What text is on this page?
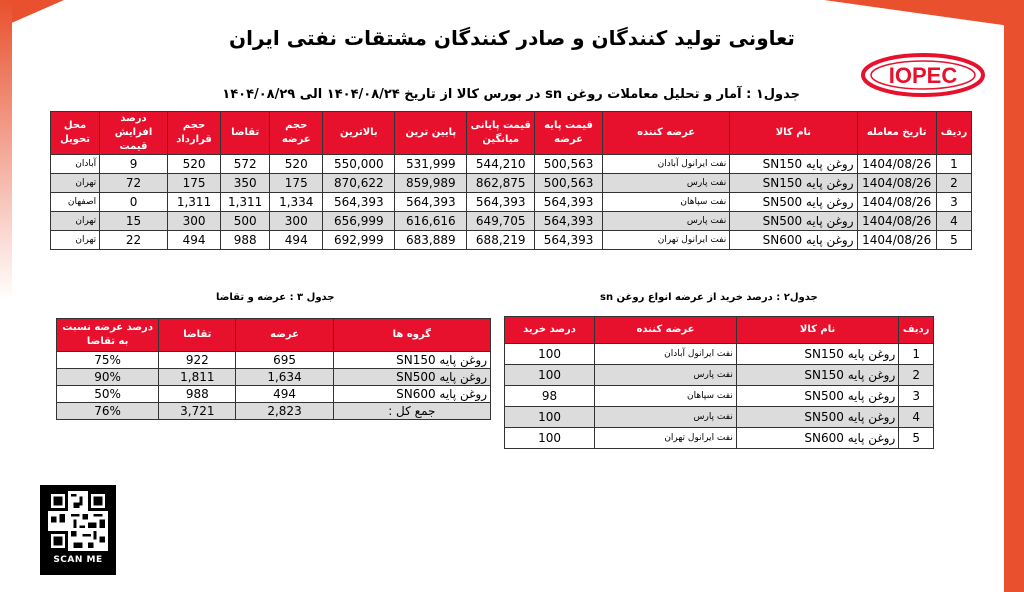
تعاونی تولید کنندگان و صادر کنندگان مشتقات نفتی ایران
IOPEC
جدول۱ : آمار و تحلیل معاملات روغن sn در بورس کالا از تاریخ ۱۴۰۴/۰۸/۲۴ الی ۱۴۰۴/۰۸/۲۹
ردیف	تاریخ معامله	نام کالا	عرضه کننده	قیمت پایه عرضه	قیمت پایانی میانگین	پایین ترین	بالاترین	حجم عرضه	تقاضا	حجم قرارداد	درصد افزایش قیمت	محل تحویل
1	1404/08/26	روغن پایه SN150	نفت ایرانول آبادان	500,563	544,210	531,999	550,000	520	572	520	9	آبادان
2	1404/08/26	روغن پایه SN150	نفت پارس	500,563	862,875	859,989	870,622	175	350	175	72	تهران
3	1404/08/26	روغن پایه SN500	نفت سپاهان	564,393	564,393	564,393	564,393	1,334	1,311	1,311	0	اصفهان
4	1404/08/26	روغن پایه SN500	نفت پارس	564,393	649,705	616,616	656,999	300	500	300	15	تهران
5	1404/08/26	روغن پایه SN600	نفت ایرانول تهران	564,393	688,219	683,889	692,999	494	988	494	22	تهران
جدول۲ : درصد خرید از عرضه انواع روغن sn
جدول ۳ : عرضه و تقاضا
ردیف	نام کالا	عرضه کننده	درصد خرید
1	روغن پایه SN150	نفت ایرانول آبادان	100
2	روغن پایه SN150	نفت پارس	100
3	روغن پایه SN500	نفت سپاهان	98
4	روغن پایه SN500	نفت پارس	100
5	روغن پایه SN600	نفت ایرانول تهران	100
گروه ها	عرضه	تقاضا	درصد عرضه نسبت به تقاضا
روغن پایه SN150	695	922	75%
روغن پایه SN500	1,634	1,811	90%
روغن پایه SN600	494	988	50%
جمع کل :	2,823	3,721	76%
SCAN ME
